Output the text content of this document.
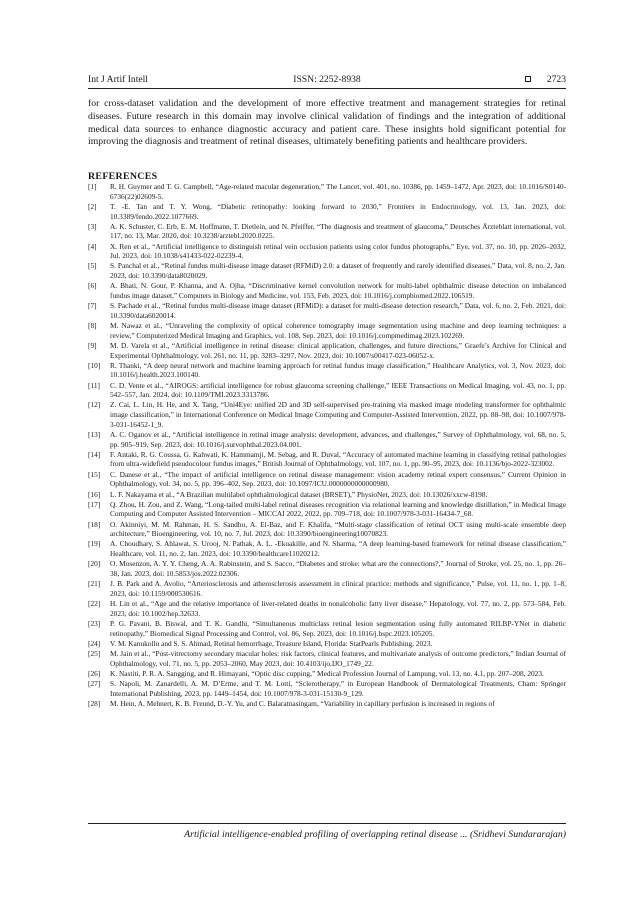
Int J Artif Intell	ISSN: 2252-8938	2723
for cross-dataset validation and the development of more effective treatment and management strategies for retinal diseases. Future research in this domain may involve clinical validation of findings and the integration of additional medical data sources to enhance diagnostic accuracy and patient care. These insights hold significant potential for improving the diagnosis and treatment of retinal diseases, ultimately benefiting patients and healthcare providers.
REFERENCES
[1]	R. H. Guymer and T. G. Campbell, “Age-related macular degeneration,” The Lancet, vol. 401, no. 10386, pp. 1459–1472, Apr. 2023, doi: 10.1016/S0140-6736(22)02609-5.
[2]	T. -E. Tan and T. Y. Wong, “Diabetic retinopathy: looking forward to 2030,” Frontiers in Endocrinology, vol. 13, Jan. 2023, doi: 10.3389/fendo.2022.1077669.
[3]	A. K. Schuster, C. Erb, E. M. Hoffmann, T. Dietlein, and N. Pfeiffer, “The diagnosis and treatment of glaucoma,” Deutsches Ärzteblatt international, vol. 117, no. 13, Mar. 2020, doi: 10.3238/arztebl.2020.0225.
[4]	X. Ren et al., “Artificial intelligence to distinguish retinal vein occlusion patients using color fundus photographs,” Eye, vol. 37, no. 10, pp. 2026–2032, Jul. 2023, doi: 10.1038/s41433-022-02239-4.
[5]	S. Panchal et al., “Retinal fundus multi-disease image dataset (RFMiD) 2.0: a dataset of frequently and rarely identified diseases,” Data, vol. 8, no. 2, Jan. 2023, doi: 10.3390/data8020029.
[6]	A. Bhati, N. Gour, P. Khanna, and A. Ojha, “Discriminative kernel convolution network for multi-label ophthalmic disease detection on imbalanced fundus image dataset,” Computers in Biology and Medicine, vol. 153, Feb. 2023, doi: 10.1016/j.compbiomed.2022.106519.
[7]	S. Pachade et al., “Retinal fundus multi-disease image dataset (RFMiD): a dataset for multi-disease detection research,” Data, vol. 6, no. 2, Feb. 2021, doi: 10.3390/data6020014.
[8]	M. Nawaz et al., “Unraveling the complexity of optical coherence tomography image segmentation using machine and deep learning techniques: a review,” Computerized Medical Imaging and Graphics, vol. 108, Sep. 2023, doi: 10.1016/j.compmedimag.2023.102269.
[9]	M. D. Varela et al., “Artificial intelligence in retinal disease: clinical application, challenges, and future directions,” Graefe’s Archive for Clinical and Experimental Ophthalmology, vol. 261, no. 11, pp. 3283–3297, Nov. 2023, doi: 10.1007/s00417-023-06052-x.
[10]	R. Thanki, “A deep neural network and machine learning approach for retinal fundus image classification,” Healthcare Analytics, vol. 3, Nov. 2023, doi: 10.1016/j.health.2023.100140.
[11]	C. D. Vente et al., “AIROGS: artificial intelligence for robust glaucoma screening challenge,” IEEE Transactions on Medical Imaging, vol. 43, no. 1, pp. 542–557, Jan. 2024, doi: 10.1109/TMI.2023.3313786.
[12]	Z. Cai, L. Lin, H. He, and X. Tang, “Uni4Eye: unified 2D and 3D self-supervised pre-training via masked image modeling transformer for ophthalmic image classification,” in International Conference on Medical Image Computing and Computer-Assisted Intervention, 2022, pp. 88–98, doi: 10.1007/978-3-031-16452-1_9.
[13]	A. C. Oganov et al., “Artificial intelligence in retinal image analysis: development, advances, and challenges,” Survey of Ophthalmology, vol. 68, no. 5, pp. 905–919, Sep. 2023, doi: 10.1016/j.survophthal.2023.04.001.
[14]	F. Antaki, R. G. Coussa, G. Kahwati, K. Hammamji, M. Sebag, and R. Duval, “Accuracy of automated machine learning in classifying retinal pathologies from ultra-widefield pseudocolour fundus images,” British Journal of Ophthalmology, vol. 107, no. 1, pp. 90–95, 2023, doi: 10.1136/bjo-2022-323002.
[15]	C. Danese et al., “The impact of artificial intelligence on retinal disease management: vision academy retinal expert consensus,” Current Opinion in Ophthalmology, vol. 34, no. 5, pp. 396–402, Sep. 2023, doi: 10.1097/ICU.0000000000000980.
[16]	L. F. Nakayama et al., “A Brazilian multilabel ophthalmological dataset (BRSET),” PhysioNet, 2023, doi: 10.13026/xxcw-8198.
[17]	Q. Zhou, H. Zou, and Z. Wang, “Long-tailed multi-label retinal diseases recognition via relational learning and knowledge distillation,” in Medical Image Computing and Computer Assisted Intervention – MICCAI 2022, 2022, pp. 709–718, doi: 10.1007/978-3-031-16434-7_68.
[18]	O. Akinniyi, M. M. Rahman, H. S. Sandhu, A. El-Baz, and F. Khalifa, “Multi-stage classification of retinal OCT using multi-scale ensemble deep architecture,” Bioengineering, vol. 10, no. 7, Jul. 2023, doi: 10.3390/bioengineering10070823.
[19]	A. Choudhary, S. Ahlawat, S. Urooj, N. Pathak, A. L. -Ekuakille, and N. Sharma, “A deep learning-based framework for retinal disease classification,” Healthcare, vol. 11, no. 2, Jan. 2023, doi: 10.3390/healthcare11020212.
[20]	O. Mosenzon, A. Y. Y. Cheng, A. A. Rabinstein, and S. Sacco, “Diabetes and stroke: what are the connections?,” Journal of Stroke, vol. 25, no. 1, pp. 26–38, Jan. 2023, doi: 10.5853/jos.2022.02306.
[21]	J. B. Park and A. Avolio, “Arteriosclerosis and atherosclerosis assessment in clinical practice: methods and significance,” Pulse, vol. 11, no. 1, pp. 1–8, 2023, doi: 10.1159/000530616.
[22]	H. Lin et al., “Age and the relative importance of liver-related deaths in nonalcoholic fatty liver disease,” Hepatology, vol. 77, no. 2, pp. 573–584, Feb. 2023, doi: 10.1002/hep.32633.
[23]	P. G. Pavani, B. Biswal, and T. K. Gandhi, “Simultaneous multiclass retinal lesion segmentation using fully automated RILBP-YNet in diabetic retinopathy,” Biomedical Signal Processing and Control, vol. 86, Sep. 2023, doi: 10.1016/j.bspc.2023.105205.
[24]	V. M. Kanukollu and S. S. Ahmad, Retinal hemorrhage, Treasure Island, Florida: StatPearls Publishing, 2023.
[25]	M. Jain et al., “Post-vitrectomy secondary macular holes: risk factors, clinical features, and multivariate analysis of outcome predictors,” Indian Journal of Ophthalmology, vol. 71, no. 5, pp. 2053–2060, May 2023, doi: 10.4103/ijo.IJO_1749_22.
[26]	K. Nastiti, P. R. A. Sangging, and R. Himayani, “Optic disc cupping,” Medical Profession Journal of Lampung, vol. 13, no. 4.1, pp. 207–208, 2023.
[27]	S. Napoli, M. Zanardelli, A. M. D’Erme, and T. M. Lotti, “Sclerotherapy,” in European Handbook of Dermatological Treatments, Cham: Springer International Publishing, 2023, pp. 1449–1454, doi: 10.1007/978-3-031-15130-9_129.
[28]	M. Hein, A. Mehnert, K. B. Freund, D.-Y. Yu, and C. Balaratnasingam, “Variability in capillary perfusion is increased in regions of
Artificial intelligence-enabled profiling of overlapping retinal disease ... (Sridhevi Sundararajan)
